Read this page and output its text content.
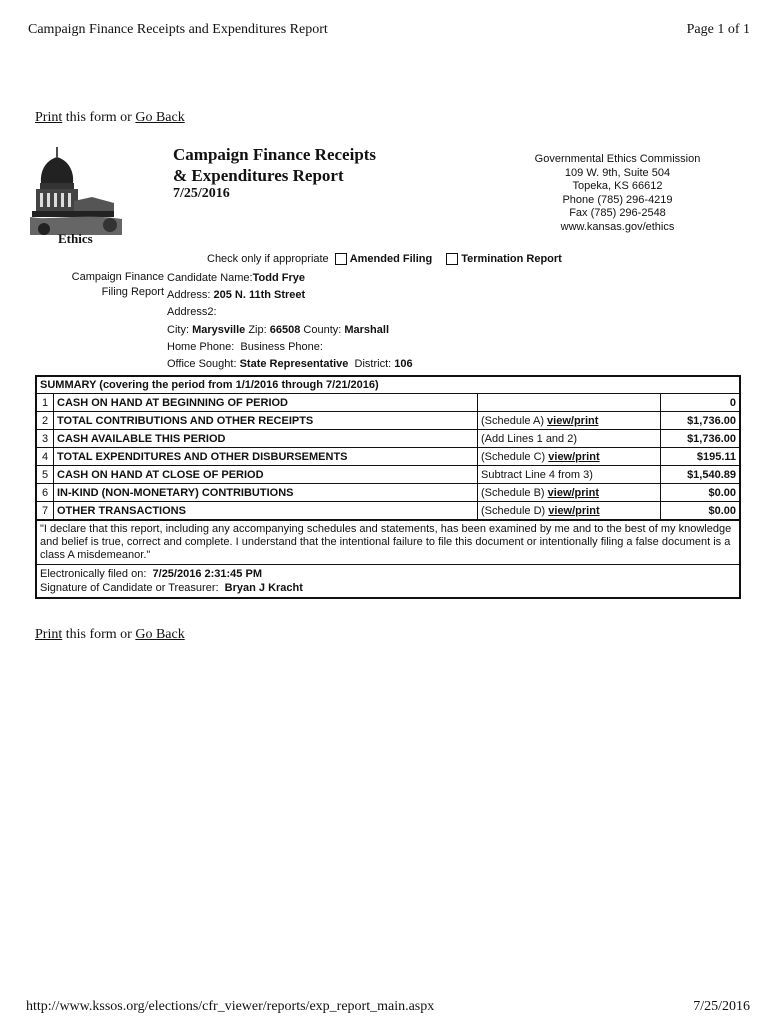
Campaign Finance Receipts and Expenditures Report	Page 1 of 1
Print this form or Go Back
Ethics
Campaign Finance Receipts
& Expenditures Report
7/25/2016
Governmental Ethics Commission
109 W. 9th, Suite 504
Topeka, KS 66612
Phone (785) 296-4219
Fax (785) 296-2548
www.kansas.gov/ethics
Check only if appropriate Amended Filing	Termination Report
Campaign Finance
Filing Report
Candidate Name:Todd Frye
Address: 205 N. 11th Street
Address2:
City: Marysville Zip: 66508 County: Marshall
Home Phone: Business Phone:
Office Sought: State Representative District: 106
SUMMARY (covering the period from 1/1/2016 through 7/21/2016)
1	CASH ON HAND AT BEGINNING OF PERIOD		0
2	TOTAL CONTRIBUTIONS AND OTHER RECEIPTS	(Schedule A) view/print	$1,736.00
3	CASH AVAILABLE THIS PERIOD	(Add Lines 1 and 2)	$1,736.00
4	TOTAL EXPENDITURES AND OTHER DISBURSEMENTS	(Schedule C) view/print	$195.11
5	CASH ON HAND AT CLOSE OF PERIOD	Subtract Line 4 from 3)	$1,540.89
6	IN-KIND (NON-MONETARY) CONTRIBUTIONS	(Schedule B) view/print	$0.00
7	OTHER TRANSACTIONS	(Schedule D) view/print	$0.00
"I declare that this report, including any accompanying schedules and statements, has been examined by me and to the best of my knowledge and belief is true, correct and complete. I understand that the intentional failure to file this document or intentionally filing a false document is a class A misdemeanor."
Electronically filed on: 7/25/2016 2:31:45 PM
Signature of Candidate or Treasurer: Bryan J Kracht
Print this form or Go Back
http://www.kssos.org/elections/cfr_viewer/reports/exp_report_main.aspx	7/25/2016
